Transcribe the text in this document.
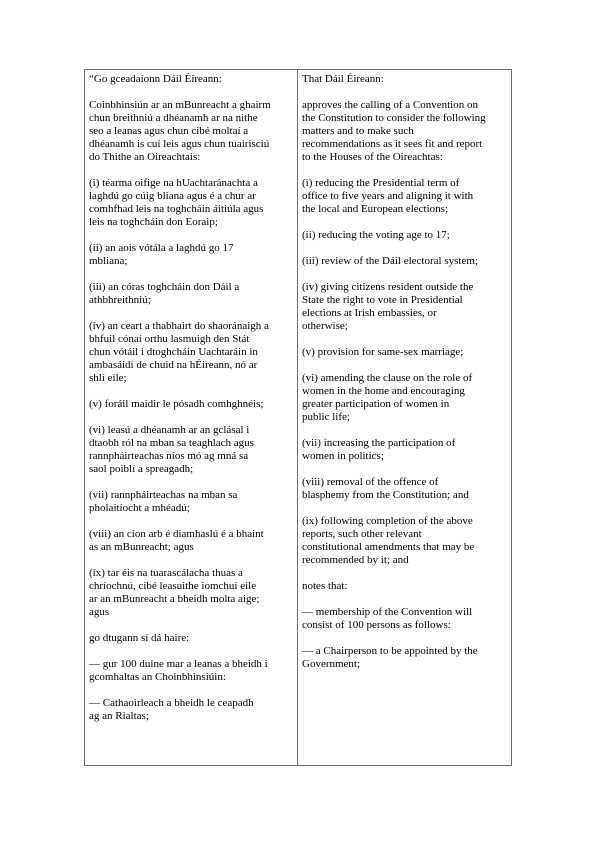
“Go gceadaíonn Dáil Éireann:

Coinbhinsiún ar an mBunreacht a ghairm
chun breithniú a dhéanamh ar na nithe
seo a leanas agus chun cibé moltaí a
dhéanamh is cuí leis agus chun tuairisciú
do Thithe an Oireachtais:

(i) téarma oifige na hUachtaránachta a
laghdú go cúig bliana agus é a chur ar
comhfhad leis na toghcháin áitiúla agus
leis na toghcháin don Eoraip;

(ii) an aois vótála a laghdú go 17
mbliana;

(iii) an córas toghcháin don Dáil a
athbhreithniú;

(iv) an ceart a thabhairt do shaoránaigh a
bhfuil cónaí orthu lasmuigh den Stát
chun vótáil i dtoghcháin Uachtaráin in
ambasáidí de chuid na hÉireann, nó ar
shlí eile;

(v) foráil maidir le pósadh comhghnéis;

(vi) leasú a dhéanamh ar an gclásal i
dtaobh ról na mban sa teaghlach agus
rannpháirteachas níos mó ag mná sa
saol poiblí a spreagadh;

(vii) rannpháirteachas na mban sa
pholaitíocht a mhéadú;

(viii) an cion arb é diamhaslú é a bhaint
as an mBunreacht; agus

(ix) tar éis na tuarascálacha thuas a
chríochnú, cibé leasuithe iomchuí eile
ar an mBunreacht a bheidh molta aige;
agus

go dtugann sí dá haire:

— gur 100 duine mar a leanas a bheidh i
gcomhaltas an Choinbhinsiúin:

— Cathaoirleach a bheidh le ceapadh
ag an Rialtas;

That Dáil Éireann:

approves the calling of a Convention on
the Constitution to consider the following
matters and to make such
recommendations as it sees fit and report
to the Houses of the Oireachtas:

(i) reducing the Presidential term of
office to five years and aligning it with
the local and European elections;

(ii) reducing the voting age to 17;

(iii) review of the Dáil electoral system;

(iv) giving citizens resident outside the
State the right to vote in Presidential
elections at Irish embassies, or
otherwise;

(v) provision for same-sex marriage;

(vi) amending the clause on the role of
women in the home and encouraging
greater participation of women in
public life;

(vii) increasing the participation of
women in politics;

(viii) removal of the offence of
blasphemy from the Constitution; and

(ix) following completion of the above
reports, such other relevant
constitutional amendments that may be
recommended by it; and

notes that:

— membership of the Convention will
consist of 100 persons as follows:

— a Chairperson to be appointed by the
Government;
